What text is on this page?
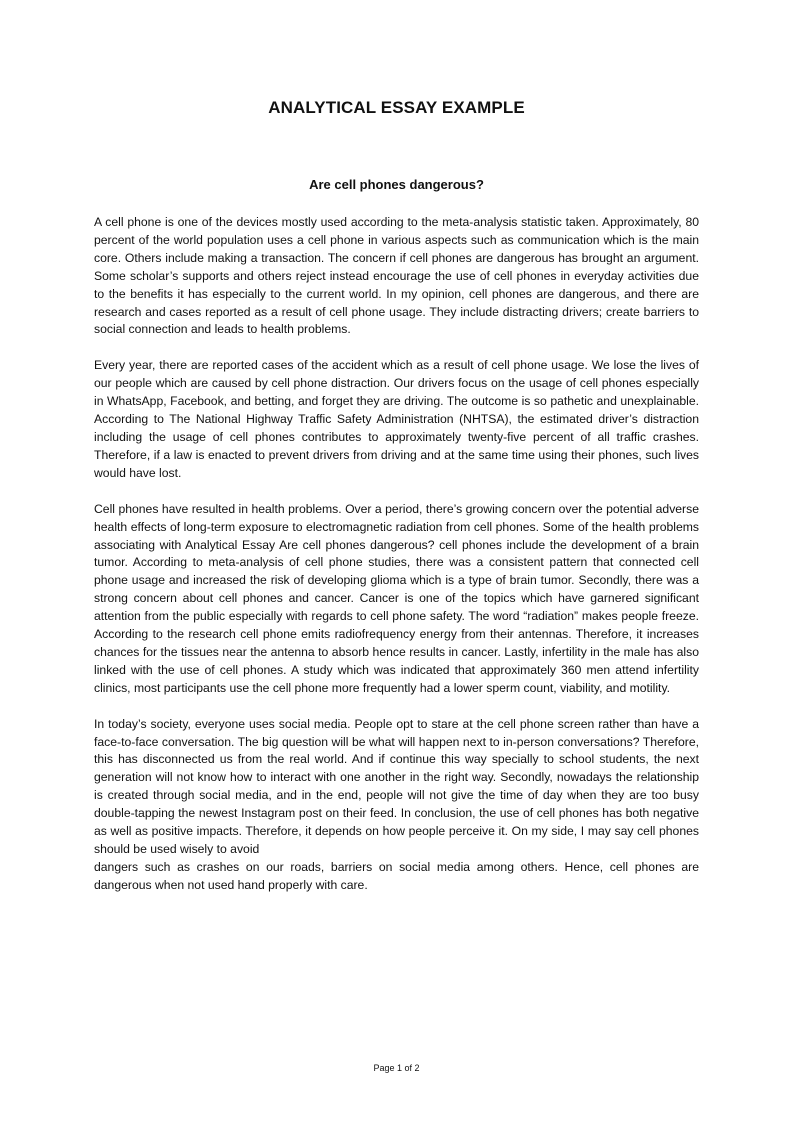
ANALYTICAL ESSAY EXAMPLE
Are cell phones dangerous?

A cell phone is one of the devices mostly used according to the meta-analysis statistic taken. Approximately, 80 percent of the world population uses a cell phone in various aspects such as communication which is the main core. Others include making a transaction. The concern if cell phones are dangerous has brought an argument. Some scholar’s supports and others reject instead encourage the use of cell phones in everyday activities due to the benefits it has especially to the current world. In my opinion, cell phones are dangerous, and there are research and cases reported as a result of cell phone usage. They include distracting drivers; create barriers to social connection and leads to health problems.

Every year, there are reported cases of the accident which as a result of cell phone usage. We lose the lives of our people which are caused by cell phone distraction. Our drivers focus on the usage of cell phones especially in WhatsApp, Facebook, and betting, and forget they are driving. The outcome is so pathetic and unexplainable. According to The National Highway Traffic Safety Administration (NHTSA), the estimated driver’s distraction including the usage of cell phones contributes to approximately twenty-five percent of all traffic crashes. Therefore, if a law is enacted to prevent drivers from driving and at the same time using their phones, such lives would have lost.

Cell phones have resulted in health problems. Over a period, there’s growing concern over the potential adverse health effects of long-term exposure to electromagnetic radiation from cell phones. Some of the health problems associating with Analytical Essay Are cell phones dangerous? cell phones include the development of a brain tumor. According to meta-analysis of cell phone studies, there was a consistent pattern that connected cell phone usage and increased the risk of developing glioma which is a type of brain tumor. Secondly, there was a strong concern about cell phones and cancer. Cancer is one of the topics which have garnered significant attention from the public especially with regards to cell phone safety. The word “radiation” makes people freeze. According to the research cell phone emits radiofrequency energy from their antennas. Therefore, it increases chances for the tissues near the antenna to absorb hence results in cancer. Lastly, infertility in the male has also linked with the use of cell phones. A study which was indicated that approximately 360 men attend infertility clinics, most participants use the cell phone more frequently had a lower sperm count, viability, and motility.

In today’s society, everyone uses social media. People opt to stare at the cell phone screen rather than have a face-to-face conversation. The big question will be what will happen next to in-person conversations? Therefore, this has disconnected us from the real world. And if continue this way specially to school students, the next generation will not know how to interact with one another in the right way. Secondly, nowadays the relationship is created through social media, and in the end, people will not give the time of day when they are too busy double-tapping the newest Instagram post on their feed. In conclusion, the use of cell phones has both negative as well as positive impacts. Therefore, it depends on how people perceive it. On my side, I may say cell phones should be used wisely to avoid

dangers such as crashes on our roads, barriers on social media among others. Hence, cell phones are dangerous when not used hand properly with care.

Page 1 of 2
